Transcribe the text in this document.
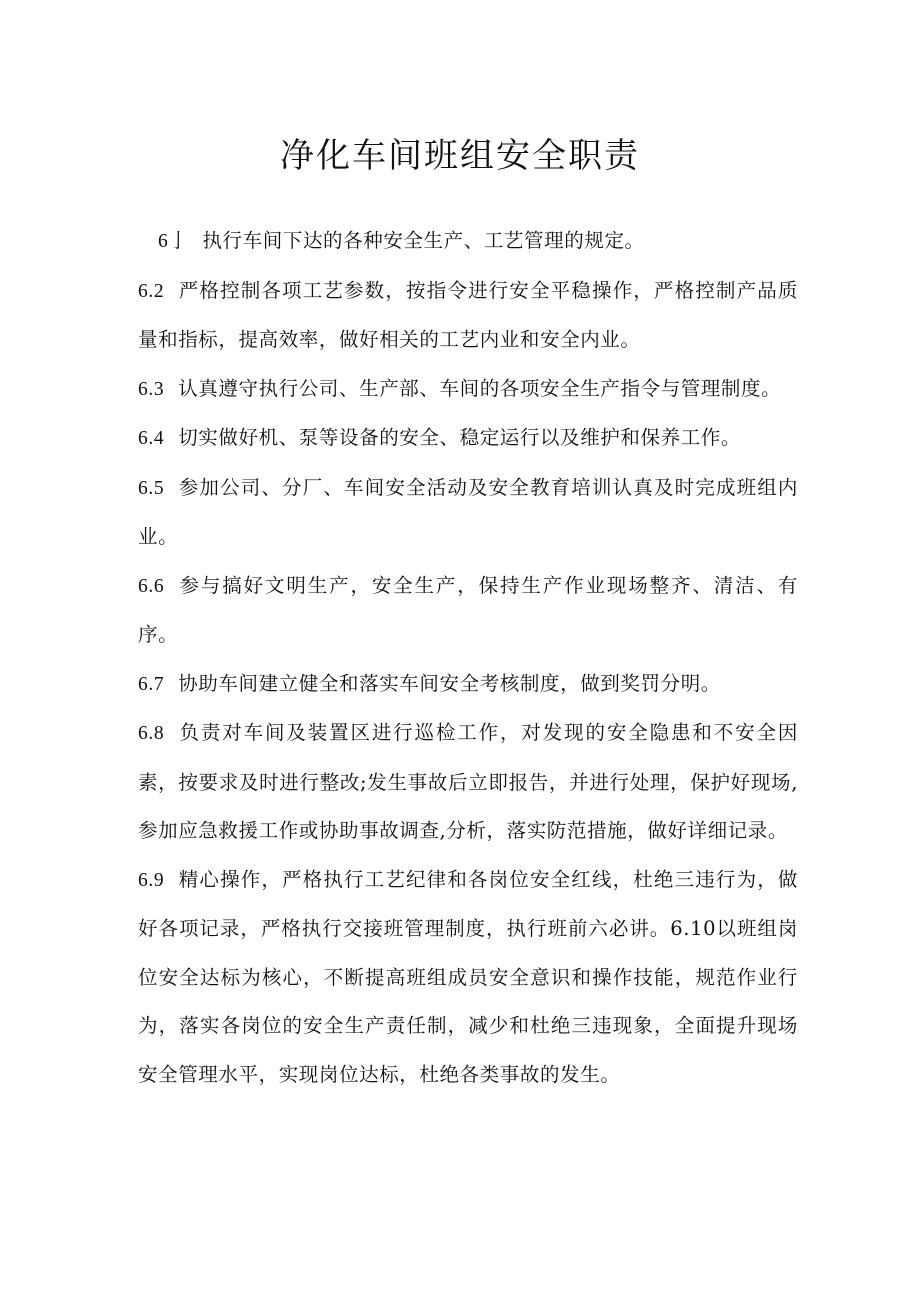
净化车间班组安全职责

6亅 执行车间下达的各种安全生产、工艺管理的规定。

6.2 严格控制各项工艺参数，按指令进行安全平稳操作，严格控制产品质量和指标，提高效率，做好相关的工艺内业和安全内业。

6.3 认真遵守执行公司、生产部、车间的各项安全生产指令与管理制度。

6.4 切实做好机、泵等设备的安全、稳定运行以及维护和保养工作。

6.5 参加公司、分厂、车间安全活动及安全教育培训认真及时完成班组内业。

6.6 参与搞好文明生产，安全生产，保持生产作业现场整齐、清洁、有序。

6.7 协助车间建立健全和落实车间安全考核制度，做到奖罚分明。

6.8 负责对车间及装置区进行巡检工作，对发现的安全隐患和不安全因素，按要求及时进行整改;发生事故后立即报告，并进行处理，保护好现场,参加应急救援工作或协助事故调查,分析，落实防范措施，做好详细记录。

6.9 精心操作，严格执行工艺纪律和各岗位安全红线，杜绝三违行为，做好各项记录，严格执行交接班管理制度，执行班前六必讲。6.10以班组岗位安全达标为核心，不断提高班组成员安全意识和操作技能，规范作业行为，落实各岗位的安全生产责任制，减少和杜绝三违现象，全面提升现场安全管理水平，实现岗位达标，杜绝各类事故的发生。
